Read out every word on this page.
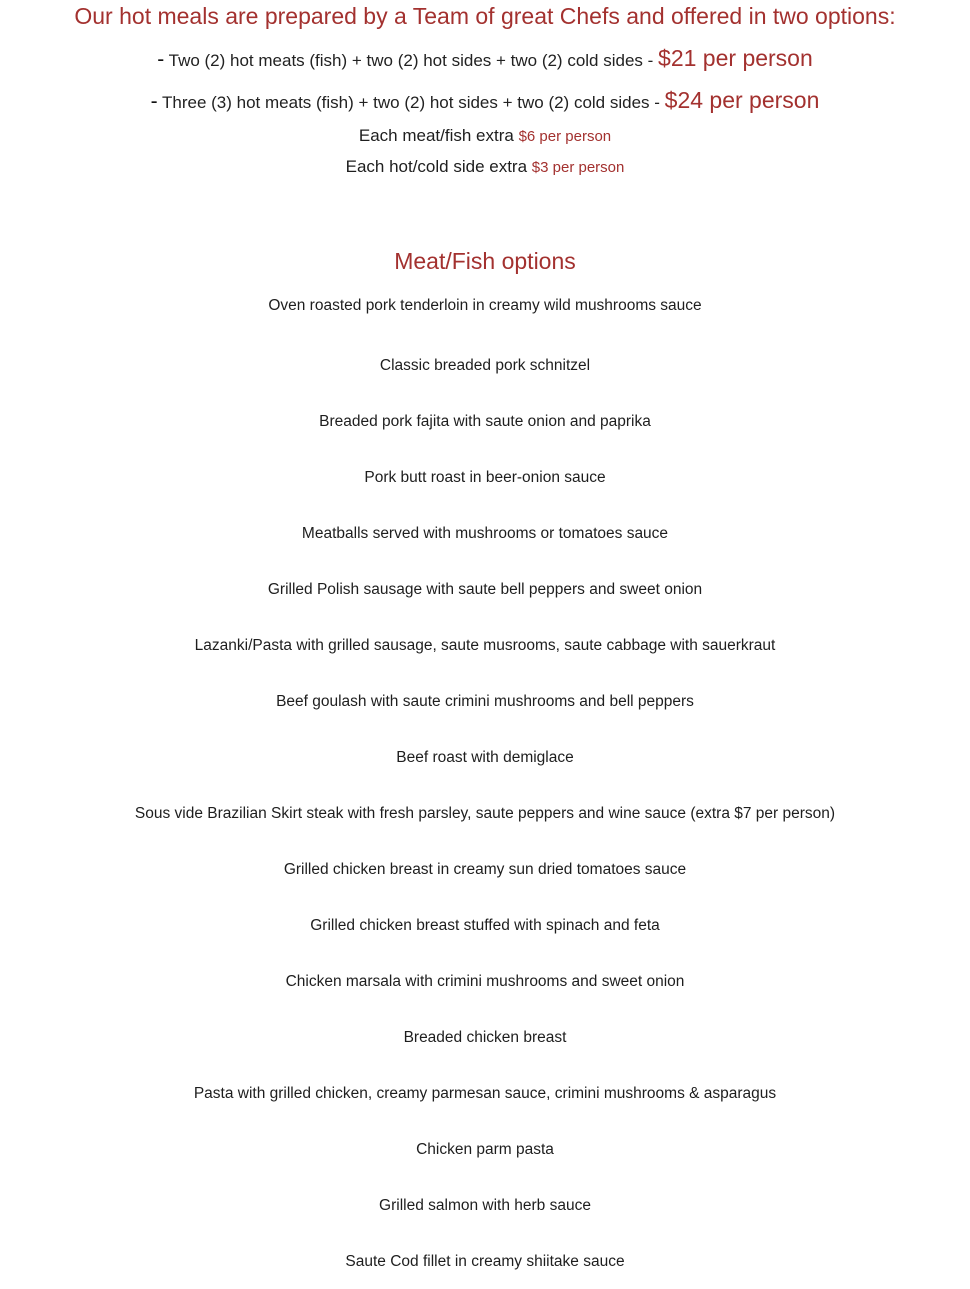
Our hot meals are prepared by a Team of great Chefs and offered in two options:
- Two (2) hot meats (fish) + two (2) hot sides + two (2) cold sides - $21 per person
- Three (3) hot meats (fish) + two (2) hot sides + two (2) cold sides - $24 per person
Each meat/fish extra $6 per person
Each hot/cold side extra $3 per person
Meat/Fish options
Oven roasted pork tenderloin in creamy wild mushrooms sauce
Classic breaded pork schnitzel
Breaded pork fajita with saute onion and paprika
Pork butt roast in beer-onion sauce
Meatballs served with mushrooms or tomatoes sauce
Grilled Polish sausage with saute bell peppers and sweet onion
Lazanki/Pasta with grilled sausage, saute musrooms, saute cabbage with sauerkraut
Beef goulash with saute crimini mushrooms and bell peppers
Beef roast with demiglace
Sous vide Brazilian Skirt steak with fresh parsley, saute peppers and wine sauce (extra $7 per person)
Grilled chicken breast in creamy sun dried tomatoes sauce
Grilled chicken breast stuffed with spinach and feta
Chicken marsala with crimini mushrooms and sweet onion
Breaded chicken breast
Pasta with grilled chicken, creamy parmesan sauce, crimini mushrooms & asparagus
Chicken parm pasta
Grilled salmon with herb sauce
Saute Cod fillet in creamy shiitake sauce
